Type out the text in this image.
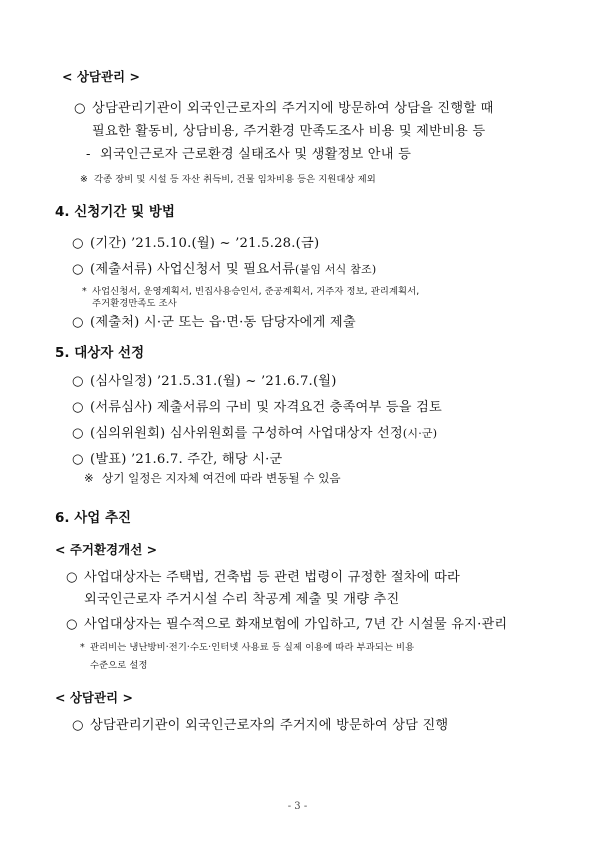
< 상담관리 >
○ 상담관리기관이 외국인근로자의 주거지에 방문하여 상담을 진행할 때
필요한 활동비, 상담비용, 주거환경 만족도조사 비용 및 제반비용 등
- 외국인근로자 근로환경 실태조사 및 생활정보 안내 등
※ 각종 장비 및 시설 등 자산 취득비, 건물 임차비용 등은 지원대상 제외
4. 신청기간 및 방법
○ (기간) ’21.5.10.(월) ~ ’21.5.28.(금)
○ (제출서류) 사업신청서 및 필요서류(붙임 서식 참조)
* 사업신청서, 운영계획서, 빈집사용승인서, 준공계획서, 거주자 정보, 관리계획서,
주거환경만족도 조사
○ (제출처) 시·군 또는 읍·면·동 담당자에게 제출
5. 대상자 선정
○ (심사일정) ’21.5.31.(월) ~ ’21.6.7.(월)
○ (서류심사) 제출서류의 구비 및 자격요건 충족여부 등을 검토
○ (심의위원회) 심사위원회를 구성하여 사업대상자 선정(시·군)
○ (발표) ’21.6.7. 주간, 해당 시·군
※ 상기 일정은 지자체 여건에 따라 변동될 수 있음
6. 사업 추진
< 주거환경개선 >
○ 사업대상자는 주택법, 건축법 등 관련 법령이 규정한 절차에 따라
외국인근로자 주거시설 수리 착공계 제출 및 개량 추진
○ 사업대상자는 필수적으로 화재보험에 가입하고, 7년 간 시설물 유지·관리
* 관리비는 냉난방비·전기·수도·인터넷 사용료 등 실제 이용에 따라 부과되는 비용
수준으로 설정
< 상담관리 >
○ 상담관리기관이 외국인근로자의 주거지에 방문하여 상담 진행
- 3 -
